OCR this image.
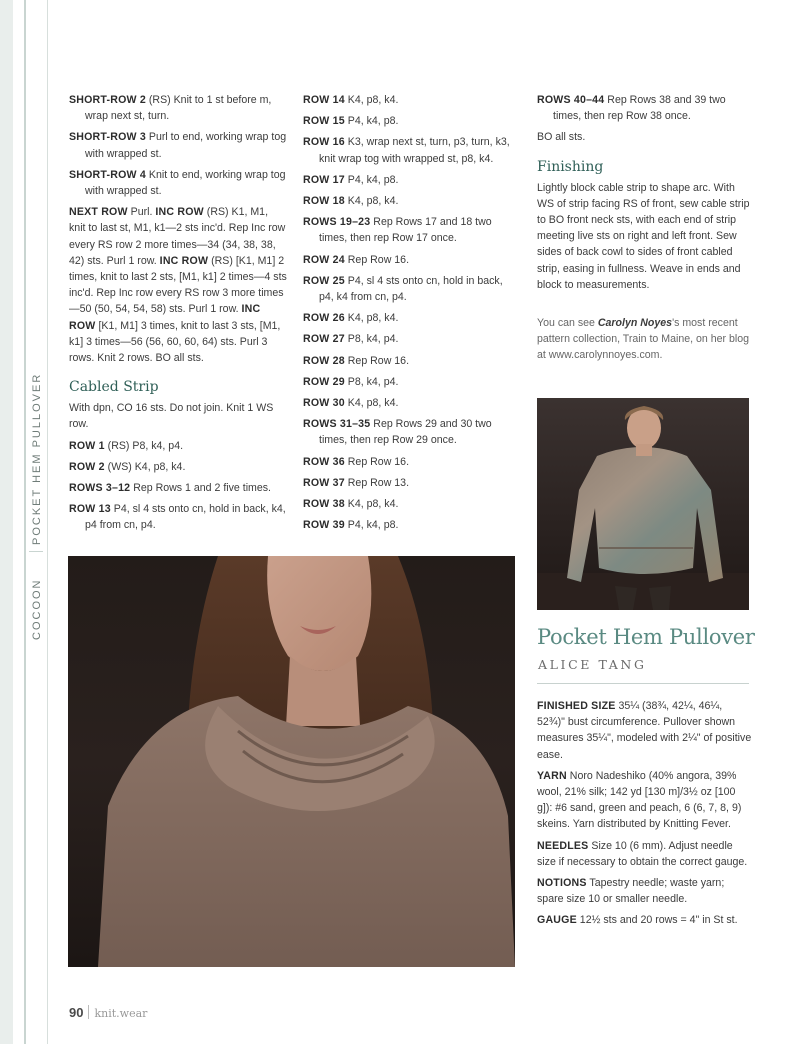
POCKET HEM PULLOVER
COCOON

SHORT-ROW 2 (RS) Knit to 1 st before m, wrap next st, turn.

SHORT-ROW 3 Purl to end, working wrap tog with wrapped st.

SHORT-ROW 4 Knit to end, working wrap tog with wrapped st.

NEXT ROW Purl. INC ROW (RS) K1, M1, knit to last st, M1, k1—2 sts inc'd. Rep Inc row every RS row 2 more times—34 (34, 38, 38, 42) sts. Purl 1 row. INC ROW (RS) [K1, M1] 2 times, knit to last 2 sts, [M1, k1] 2 times—4 sts inc'd. Rep Inc row every RS row 3 more times—50 (50, 54, 54, 58) sts. Purl 1 row. INC ROW [K1, M1] 3 times, knit to last 3 sts, [M1, k1] 3 times—56 (56, 60, 60, 64) sts. Purl 3 rows. Knit 2 rows. BO all sts.

Cabled Strip

With dpn, CO 16 sts. Do not join. Knit 1 WS row.

ROW 1 (RS) P8, k4, p4.

ROW 2 (WS) K4, p8, k4.

ROWS 3–12 Rep Rows 1 and 2 five times.

ROW 13 P4, sl 4 sts onto cn, hold in back, k4, p4 from cn, p4.

ROW 14 K4, p8, k4.

ROW 15 P4, k4, p8.

ROW 16 K3, wrap next st, turn, p3, turn, k3, knit wrap tog with wrapped st, p8, k4.

ROW 17 P4, k4, p8.

ROW 18 K4, p8, k4.

ROWS 19–23 Rep Rows 17 and 18 two times, then rep Row 17 once.

ROW 24 Rep Row 16.

ROW 25 P4, sl 4 sts onto cn, hold in back, p4, k4 from cn, p4.

ROW 26 K4, p8, k4.

ROW 27 P8, k4, p4.

ROW 28 Rep Row 16.

ROW 29 P8, k4, p4.

ROW 30 K4, p8, k4.

ROWS 31–35 Rep Rows 29 and 30 two times, then rep Row 29 once.

ROW 36 Rep Row 16.

ROW 37 Rep Row 13.

ROW 38 K4, p8, k4.

ROW 39 P4, k4, p8.

ROWS 40–44 Rep Rows 38 and 39 two times, then rep Row 38 once.

BO all sts.

Finishing

Lightly block cable strip to shape arc. With WS of strip facing RS of front, sew cable strip to BO front neck sts, with each end of strip meeting live sts on right and left front. Sew sides of back cowl to sides of front cabled strip, easing in fullness. Weave in ends and block to measurements.

You can see Carolyn Noyes's most recent pattern collection, Train to Maine, on her blog at www.carolynnoyes.com.

Pocket Hem Pullover
ALICE TANG

FINISHED SIZE 35¼ (38¾, 42¼, 46¼, 52¾)" bust circumference. Pullover shown measures 35¼", modeled with 2¼" of positive ease.

YARN Noro Nadeshiko (40% angora, 39% wool, 21% silk; 142 yd [130 m]/3½ oz [100 g]): #6 sand, green and peach, 6 (6, 7, 8, 9) skeins. Yarn distributed by Knitting Fever.

NEEDLES Size 10 (6 mm). Adjust needle size if necessary to obtain the correct gauge.

NOTIONS Tapestry needle; waste yarn; spare size 10 or smaller needle.

GAUGE 12½ sts and 20 rows = 4" in St st.

90 knit.wear
